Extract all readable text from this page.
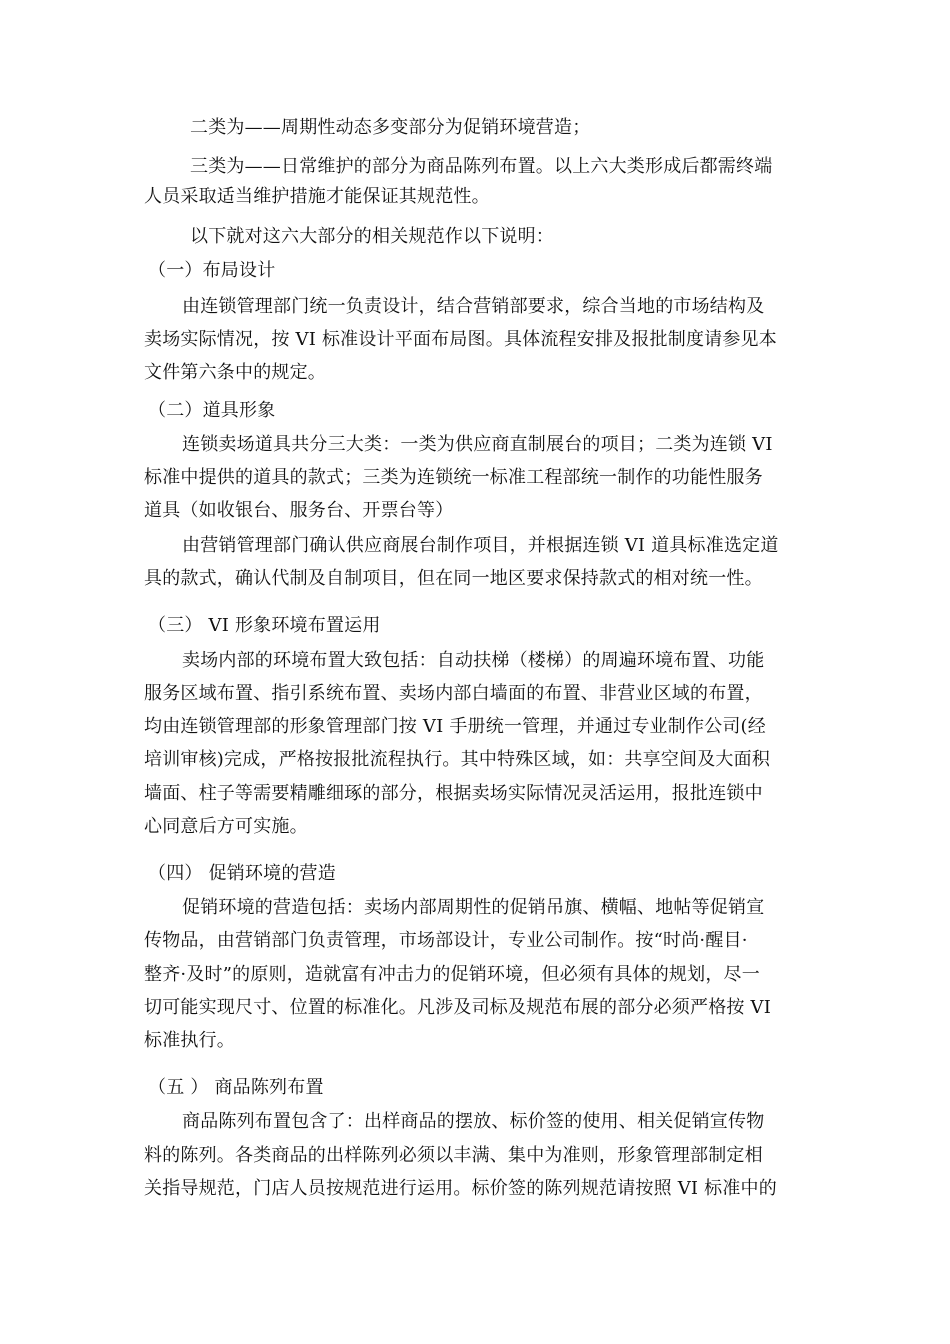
二类为——周期性动态多变部分为促销环境营造；
三类为——日常维护的部分为商品陈列布置。以上六大类形成后都需终端
人员采取适当维护措施才能保证其规范性。
以下就对这六大部分的相关规范作以下说明：
（一）布局设计
由连锁管理部门统一负责设计，结合营销部要求，综合当地的市场结构及
卖场实际情况，按 VI 标准设计平面布局图。具体流程安排及报批制度请参见本
文件第六条中的规定。
（二）道具形象
连锁卖场道具共分三大类：一类为供应商直制展台的项目；二类为连锁 VI
标准中提供的道具的款式；三类为连锁统一标准工程部统一制作的功能性服务
道具（如收银台、服务台、开票台等）
由营销管理部门确认供应商展台制作项目，并根据连锁 VI 道具标准选定道
具的款式，确认代制及自制项目，但在同一地区要求保持款式的相对统一性。
（三） VI 形象环境布置运用
卖场内部的环境布置大致包括：自动扶梯（楼梯）的周遍环境布置、功能
服务区域布置、指引系统布置、卖场内部白墙面的布置、非营业区域的布置，
均由连锁管理部的形象管理部门按 VI 手册统一管理，并通过专业制作公司(经
培训审核)完成，严格按报批流程执行。其中特殊区域，如：共享空间及大面积
墙面、柱子等需要精雕细琢的部分，根据卖场实际情况灵活运用，报批连锁中
心同意后方可实施。
（四） 促销环境的营造
促销环境的营造包括：卖场内部周期性的促销吊旗、横幅、地帖等促销宣
传物品，由营销部门负责管理，市场部设计，专业公司制作。按“时尚·醒目·
整齐·及时”的原则，造就富有冲击力的促销环境，但必须有具体的规划，尽一
切可能实现尺寸、位置的标准化。凡涉及司标及规范布展的部分必须严格按 VI
标准执行。
（五 ） 商品陈列布置
商品陈列布置包含了：出样商品的摆放、标价签的使用、相关促销宣传物
料的陈列。各类商品的出样陈列必须以丰满、集中为准则，形象管理部制定相
关指导规范，门店人员按规范进行运用。标价签的陈列规范请按照 VI 标准中的
